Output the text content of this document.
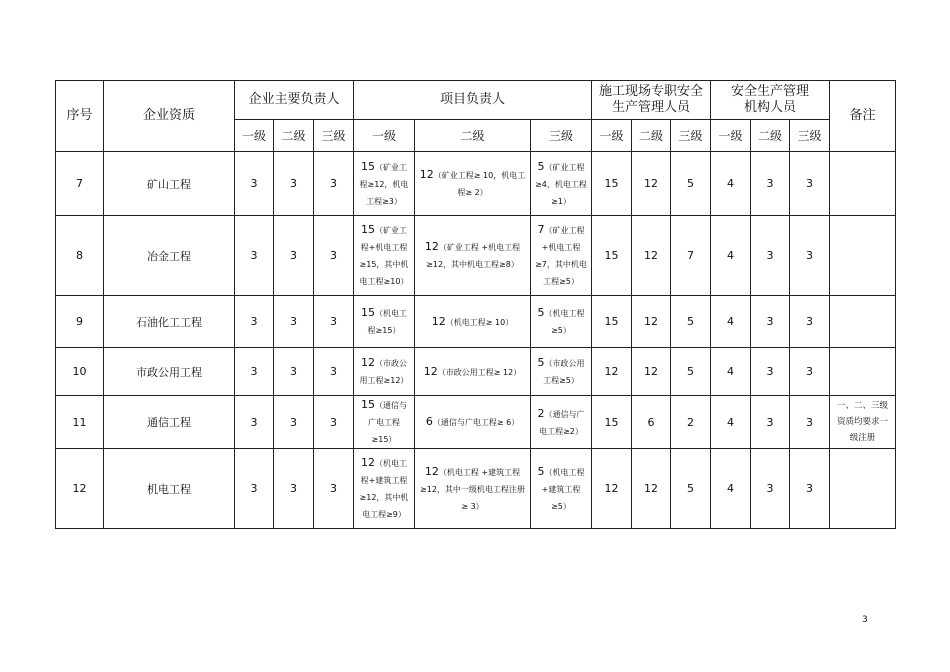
序号	企业资质	企业主要负责人			项目负责人			施工现场专职安全生产管理人员			安全生产管理机构人员			备注
		一级	二级	三级	一级	二级	三级	一级	二级	三级	一级	二级	三级	
7	矿山工程	3	3	3	15（矿业工程≥12，机电工程≥3）	12（矿业工程≥ 10，机电工程≥ 2）	5（矿业工程≥4，机电工程≥1）	15	12	5	4	3	3	

8	冶金工程	3	3	3	15（矿业工程+机电工程≥15，其中机电工程≥10）	12（矿业工程 +机电工程≥12，其中机电工程≥8）	7（矿业工程+机电工程≥7，其中机电工程≥5）	15	12	7	4	3	3	

9	石油化工工程	3	3	3	15（机电工程≥15）	12（机电工程≥ 10）	5（机电工程≥5）	15	12	5	4	3	3	

10	市政公用工程	3	3	3	12（市政公用工程≥12）	12（市政公用工程≥ 12）	5（市政公用工程≥5）	12	12	5	4	3	3	

11	通信工程	3	3	3	15（通信与广电工程≥15）	6（通信与广电工程≥ 6）	2（通信与广电工程≥2）	15	6	2	4	3	3	一、二、三级资质均要求一级注册

12	机电工程	3	3	3	12（机电工程+建筑工程≥12，其中机电工程≥9）	12（机电工程 +建筑工程≥12，其中一级机电工程注册≥ 3）	5（机电工程+建筑工程≥5）	12	12	5	4	3	3	
3
